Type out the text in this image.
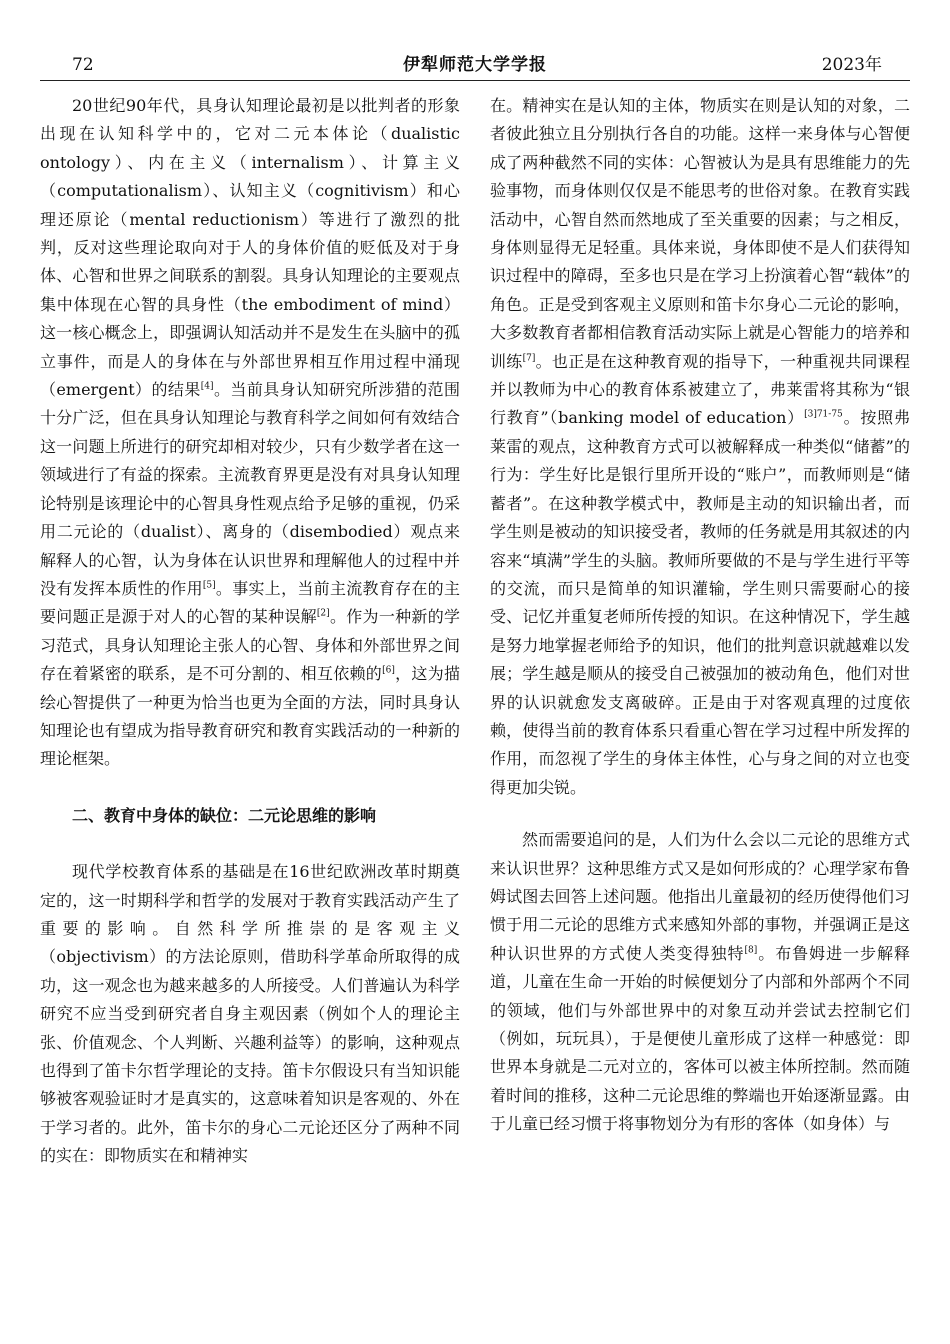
72	伊犁师范大学学报	2023年

20世纪90年代，具身认知理论最初是以批判者的形象出现在认知科学中的，它对二元本体论（dualistic ontology）、内在主义（internalism）、计算主义（computationalism）、认知主义（cognitivism）和心理还原论（mental reductionism）等进行了激烈的批判，反对这些理论取向对于人的身体价值的贬低及对于身体、心智和世界之间联系的割裂。具身认知理论的主要观点集中体现在心智的具身性（the embodiment of mind）这一核心概念上，即强调认知活动并不是发生在头脑中的孤立事件，而是人的身体在与外部世界相互作用过程中涌现（emergent）的结果[4]。当前具身认知研究所涉猎的范围十分广泛，但在具身认知理论与教育科学之间如何有效结合这一问题上所进行的研究却相对较少，只有少数学者在这一领域进行了有益的探索。主流教育界更是没有对具身认知理论特别是该理论中的心智具身性观点给予足够的重视，仍采用二元论的（dualist）、离身的（disembodied）观点来解释人的心智，认为身体在认识世界和理解他人的过程中并没有发挥本质性的作用[5]。事实上，当前主流教育存在的主要问题正是源于对人的心智的某种误解[2]。作为一种新的学习范式，具身认知理论主张人的心智、身体和外部世界之间存在着紧密的联系，是不可分割的、相互依赖的[6]，这为描绘心智提供了一种更为恰当也更为全面的方法，同时具身认知理论也有望成为指导教育研究和教育实践活动的一种新的理论框架。

二、教育中身体的缺位：二元论思维的影响

现代学校教育体系的基础是在16世纪欧洲改革时期奠定的，这一时期科学和哲学的发展对于教育实践活动产生了重要的影响。自然科学所推崇的是客观主义（objectivism）的方法论原则，借助科学革命所取得的成功，这一观念也为越来越多的人所接受。人们普遍认为科学研究不应当受到研究者自身主观因素（例如个人的理论主张、价值观念、个人判断、兴趣利益等）的影响，这种观点也得到了笛卡尔哲学理论的支持。笛卡尔假设只有当知识能够被客观验证时才是真实的，这意味着知识是客观的、外在于学习者的。此外，笛卡尔的身心二元论还区分了两种不同的实在：即物质实在和精神实

在。精神实在是认知的主体，物质实在则是认知的对象，二者彼此独立且分别执行各自的功能。这样一来身体与心智便成了两种截然不同的实体：心智被认为是具有思维能力的先验事物，而身体则仅仅是不能思考的世俗对象。在教育实践活动中，心智自然而然地成了至关重要的因素；与之相反，身体则显得无足轻重。具体来说，身体即使不是人们获得知识过程中的障碍，至多也只是在学习上扮演着心智“载体”的角色。正是受到客观主义原则和笛卡尔身心二元论的影响，大多数教育者都相信教育活动实际上就是心智能力的培养和训练[7]。也正是在这种教育观的指导下，一种重视共同课程并以教师为中心的教育体系被建立了，弗莱雷将其称为“银行教育”（banking model of education）$^{[3]71-75}$。按照弗莱雷的观点，这种教育方式可以被解释成一种类似“储蓄”的行为：学生好比是银行里所开设的“账户”，而教师则是“储蓄者”。在这种教学模式中，教师是主动的知识输出者，而学生则是被动的知识接受者，教师的任务就是用其叙述的内容来“填满”学生的头脑。教师所要做的不是与学生进行平等的交流，而只是简单的知识灌输，学生则只需要耐心的接受、记忆并重复老师所传授的知识。在这种情况下，学生越是努力地掌握老师给予的知识，他们的批判意识就越难以发展；学生越是顺从的接受自己被强加的被动角色，他们对世界的认识就愈发支离破碎。正是由于对客观真理的过度依赖，使得当前的教育体系只看重心智在学习过程中所发挥的作用，而忽视了学生的身体主体性，心与身之间的对立也变得更加尖锐。

然而需要追问的是，人们为什么会以二元论的思维方式来认识世界？这种思维方式又是如何形成的？心理学家布鲁姆试图去回答上述问题。他指出儿童最初的经历使得他们习惯于用二元论的思维方式来感知外部的事物，并强调正是这种认识世界的方式使人类变得独特[8]。布鲁姆进一步解释道，儿童在生命一开始的时候便划分了内部和外部两个不同的领域，他们与外部世界中的对象互动并尝试去控制它们（例如，玩玩具），于是便使儿童形成了这样一种感觉：即世界本身就是二元对立的，客体可以被主体所控制。然而随着时间的推移，这种二元论思维的弊端也开始逐渐显露。由于儿童已经习惯于将事物划分为有形的客体（如身体）与
